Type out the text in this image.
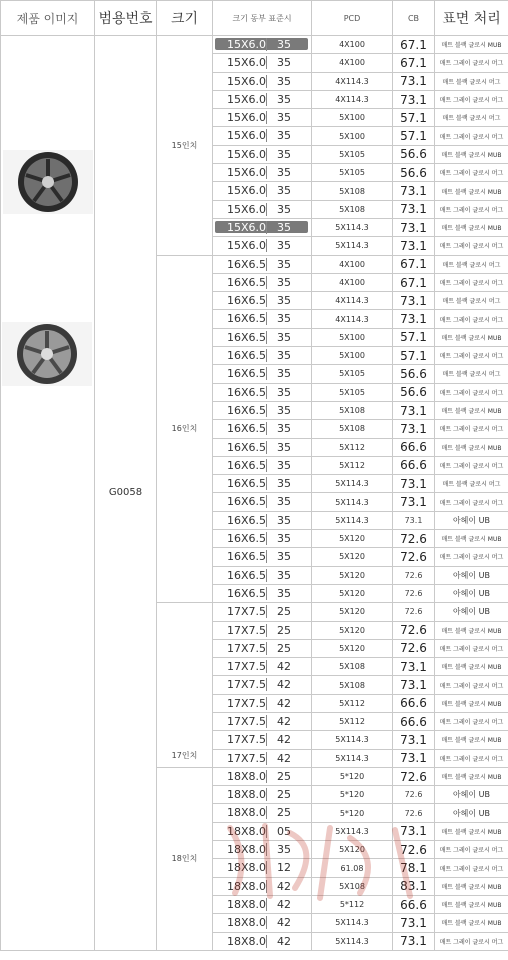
제품 이미지	범용번호	크기	크기 동부 표준시	PCD	CB	표면 처리
	G0058	15인치	15X6.0 35	4X100	67.1	매트 블랙 글로시 MUB

			15X6.0 35	4X100	67.1	매트 그레이 글로시 머그

			15X6.0 35	4X114.3	73.1	매트 블랙 글로시 머그

			15X6.0 35	4X114.3	73.1	매트 그레이 글로시 머그

			15X6.0 35	5X100	57.1	매트 블랙 글로시 머그

			15X6.0 35	5X100	57.1	매트 그레이 글로시 머그

			15X6.0 35	5X105	56.6	매트 블랙 글로시 MUB

			15X6.0 35	5X105	56.6	매트 그레이 글로시 머그

			15X6.0 35	5X108	73.1	매트 블랙 글로시 MUB

			15X6.0 35	5X108	73.1	매트 그레이 글로시 머그

			15X6.0 35	5X114.3	73.1	매트 블랙 글로시 MUB

			15X6.0 35	5X114.3	73.1	매트 그레이 글로시 머그
		16인치	16X6.5 35	4X100	67.1	매트 블랙 글로시 머그

			16X6.5 35	4X100	67.1	매트 그레이 글로시 머그

			16X6.5 35	4X114.3	73.1	매트 블랙 글로시 머그

			16X6.5 35	4X114.3	73.1	매트 그레이 글로시 머그

			16X6.5 35	5X100	57.1	매트 블랙 글로시 MUB

			16X6.5 35	5X100	57.1	매트 그레이 글로시 머그

			16X6.5 35	5X105	56.6	매트 블랙 글로시 머그

			16X6.5 35	5X105	56.6	매트 그레이 글로시 머그

			16X6.5 35	5X108	73.1	매트 블랙 글로시 MUB

			16X6.5 35	5X108	73.1	매트 그레이 글로시 머그

			16X6.5 35	5X112	66.6	매트 블랙 글로시 MUB

			16X6.5 35	5X112	66.6	매트 그레이 글로시 머그

			16X6.5 35	5X114.3	73.1	매트 블랙 글로시 머그

			16X6.5 35	5X114.3	73.1	매트 그레이 글로시 머그

			16X6.5 35	5X114.3	73.1	아헤이 UB

			16X6.5 35	5X120	72.6	매트 블랙 글로시 MUB

			16X6.5 35	5X120	72.6	매트 그레이 글로시 머그

			16X6.5 35	5X120	72.6	아헤이 UB

			16X6.5 35	5X120	72.6	아헤이 UB
		17인치	17X7.5 25	5X120	72.6	아헤이 UB

			17X7.5 25	5X120	72.6	매트 블랙 글로시 MUB

			17X7.5 25	5X120	72.6	매트 그레이 글로시 머그

			17X7.5 42	5X108	73.1	매트 블랙 글로시 MUB

			17X7.5 42	5X108	73.1	매트 그레이 글로시 머그

			17X7.5 42	5X112	66.6	매트 블랙 글로시 MUB

			17X7.5 42	5X112	66.6	매트 그레이 글로시 머그

			17X7.5 42	5X114.3	73.1	매트 블랙 글로시 MUB

			17X7.5 42	5X114.3	73.1	매트 그레이 글로시 머그
		18인치	18X8.0 25	5*120	72.6	매트 블랙 글로시 MUB

			18X8.0 25	5*120	72.6	아헤이 UB

			18X8.0 25	5*120	72.6	아헤이 UB

			18X8.0 05	5X114.3	73.1	매트 블랙 글로시 MUB

			18X8.0 35	5X120	72.6	매트 그레이 글로시 머그

			18X8.0 12	61.08	78.1	매트 그레이 글로시 머그

			18X8.0 42	5X108	83.1	매트 블랙 글로시 MUB

			18X8.0 42	5*112	66.6	매트 블랙 글로시 MUB

			18X8.0 42	5X114.3	73.1	매트 블랙 글로시 MUB

			18X8.0 42	5X114.3	73.1	매트 그레이 글로시 머그
